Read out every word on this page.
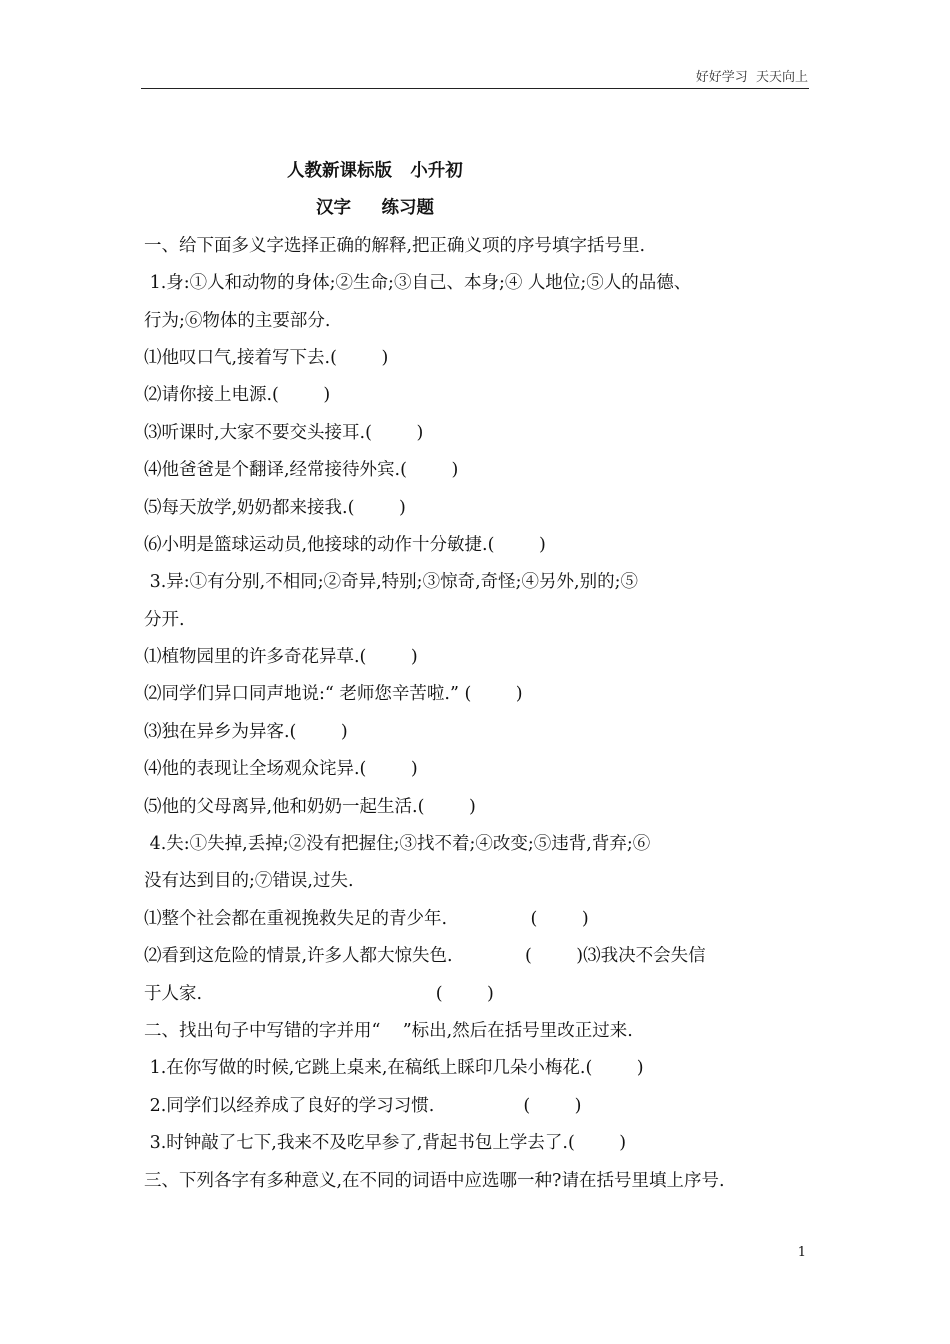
好好学习  天天向上
人教新课标版   小升初
汉字     练习题
一、给下面多义字选择正确的解释,把正确义项的序号填字括号里.
1.身:①人和动物的身体;②生命;③自己、本身;④ 人地位;⑤人的品德、
行为;⑥物体的主要部分.
⑴他叹口气,接着写下去.(        )
⑵请你接上电源.(        )
⑶听课时,大家不要交头接耳.(        )
⑷他爸爸是个翻译,经常接待外宾.(        )
⑸每天放学,奶奶都来接我.(        )
⑹小明是篮球运动员,他接球的动作十分敏捷.(        )
3.异:①有分别,不相同;②奇异,特别;③惊奇,奇怪;④另外,别的;⑤
分开.
⑴植物园里的许多奇花异草.(        )
⑵同学们异口同声地说:“ 老师您辛苦啦.” (        )
⑶独在异乡为异客.(        )
⑷他的表现让全场观众诧异.(        )
⑸他的父母离异,他和奶奶一起生活.(        )
4.失:①失掉,丢掉;②没有把握住;③找不着;④改变;⑤违背,背弃;⑥
没有达到目的;⑦错误,过失.
⑴整个社会都在重视挽救失足的青少年.               (        )
⑵看到这危险的情景,许多人都大惊失色.             (        )⑶我决不会失信
于人家.                                          (        )
二、找出句子中写错的字并用“    ”标出,然后在括号里改正过来.
1.在你写做的时候,它跳上桌来,在稿纸上睬印几朵小梅花.(        )
2.同学们以经养成了良好的学习习惯.                (        )
3.时钟敲了七下,我来不及吃早参了,背起书包上学去了.(        )
三、下列各字有多种意义,在不同的词语中应选哪一种?请在括号里填上序号.
1
